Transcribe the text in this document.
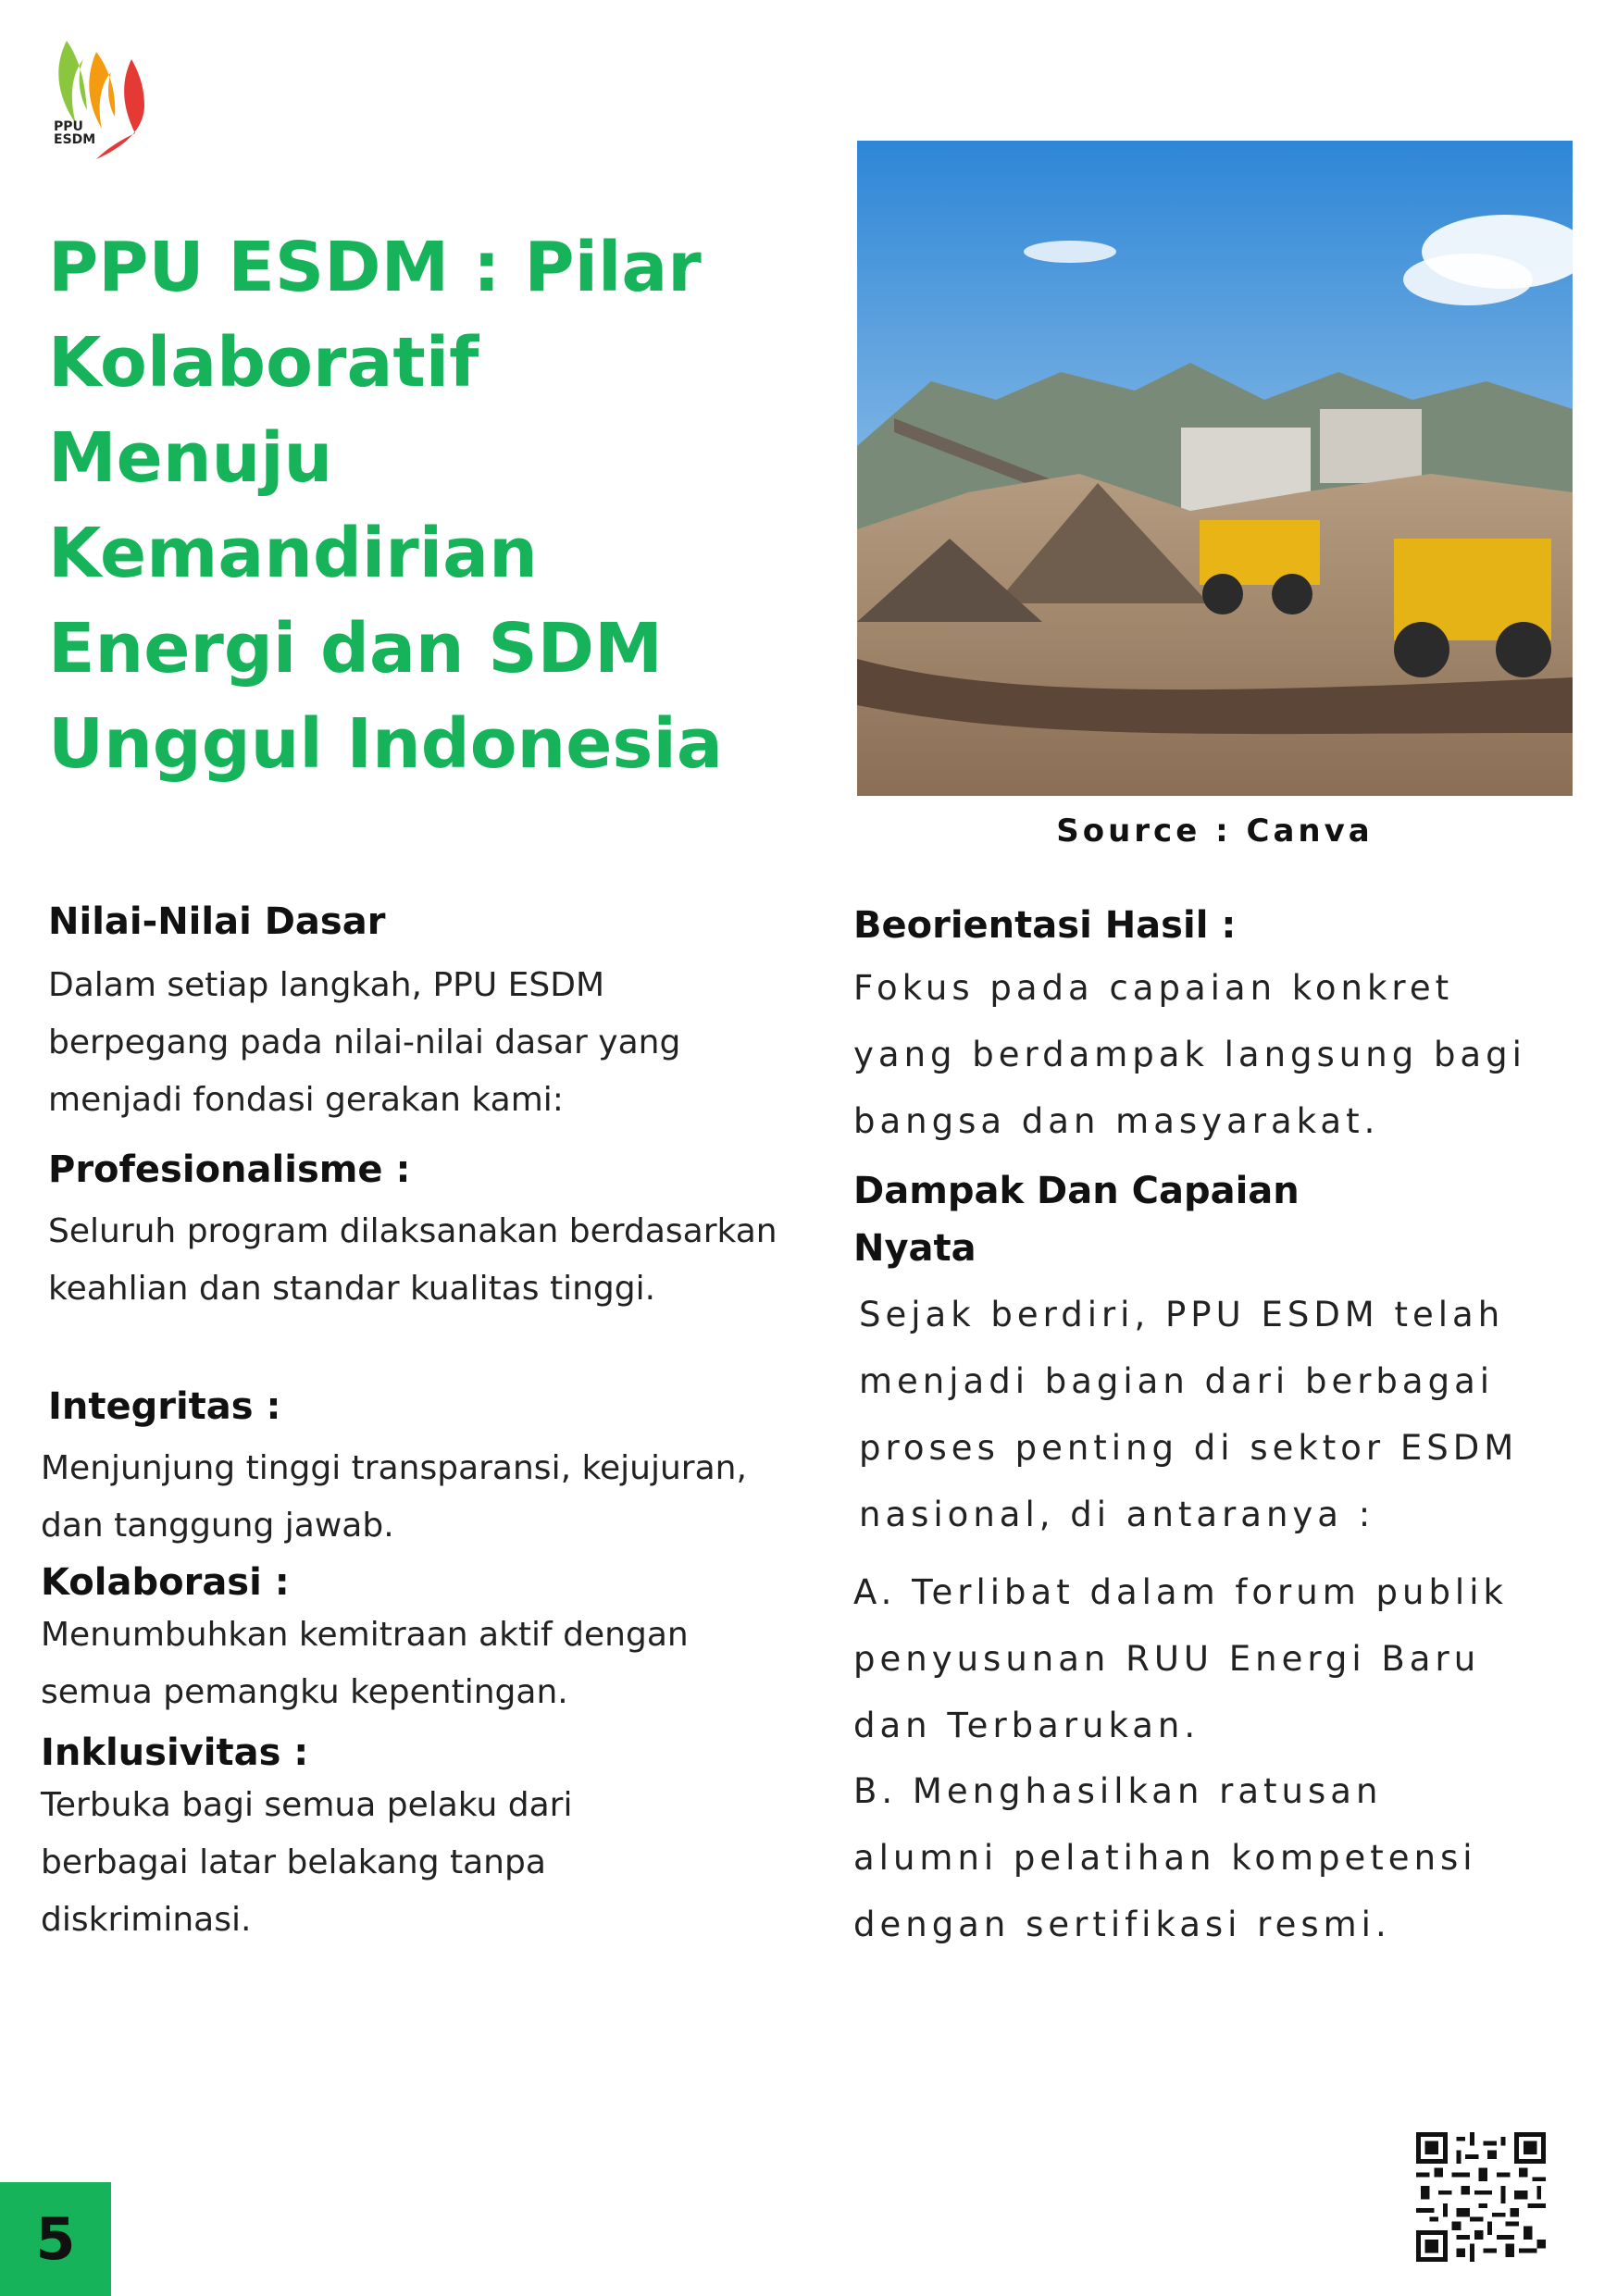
PPU
ESDM
PPU ESDM : Pilar Kolaboratif Menuju Kemandirian Energi dan SDM Unggul Indonesia
Source : Canva

Nilai-Nilai Dasar

Dalam setiap langkah, PPU ESDM berpegang pada nilai-nilai dasar yang menjadi fondasi gerakan kami:

Profesionalisme :

Seluruh program dilaksanakan berdasarkan keahlian dan standar kualitas tinggi.

Integritas :

Menjunjung tinggi transparansi, kejujuran, dan tanggung jawab.

Kolaborasi :

Menumbuhkan kemitraan aktif dengan semua pemangku kepentingan.

Inklusivitas :

Terbuka bagi semua pelaku dari berbagai latar belakang tanpa diskriminasi.

Beorientasi Hasil :

Fokus pada capaian konkret yang berdampak langsung bagi bangsa dan masyarakat.

Dampak Dan Capaian Nyata

Sejak berdiri, PPU ESDM telah menjadi bagian dari berbagai proses penting di sektor ESDM nasional, di antaranya :

A. Terlibat dalam forum publik penyusunan RUU Energi Baru dan Terbarukan.

B. Menghasilkan ratusan alumni pelatihan kompetensi dengan sertifikasi resmi.

5
